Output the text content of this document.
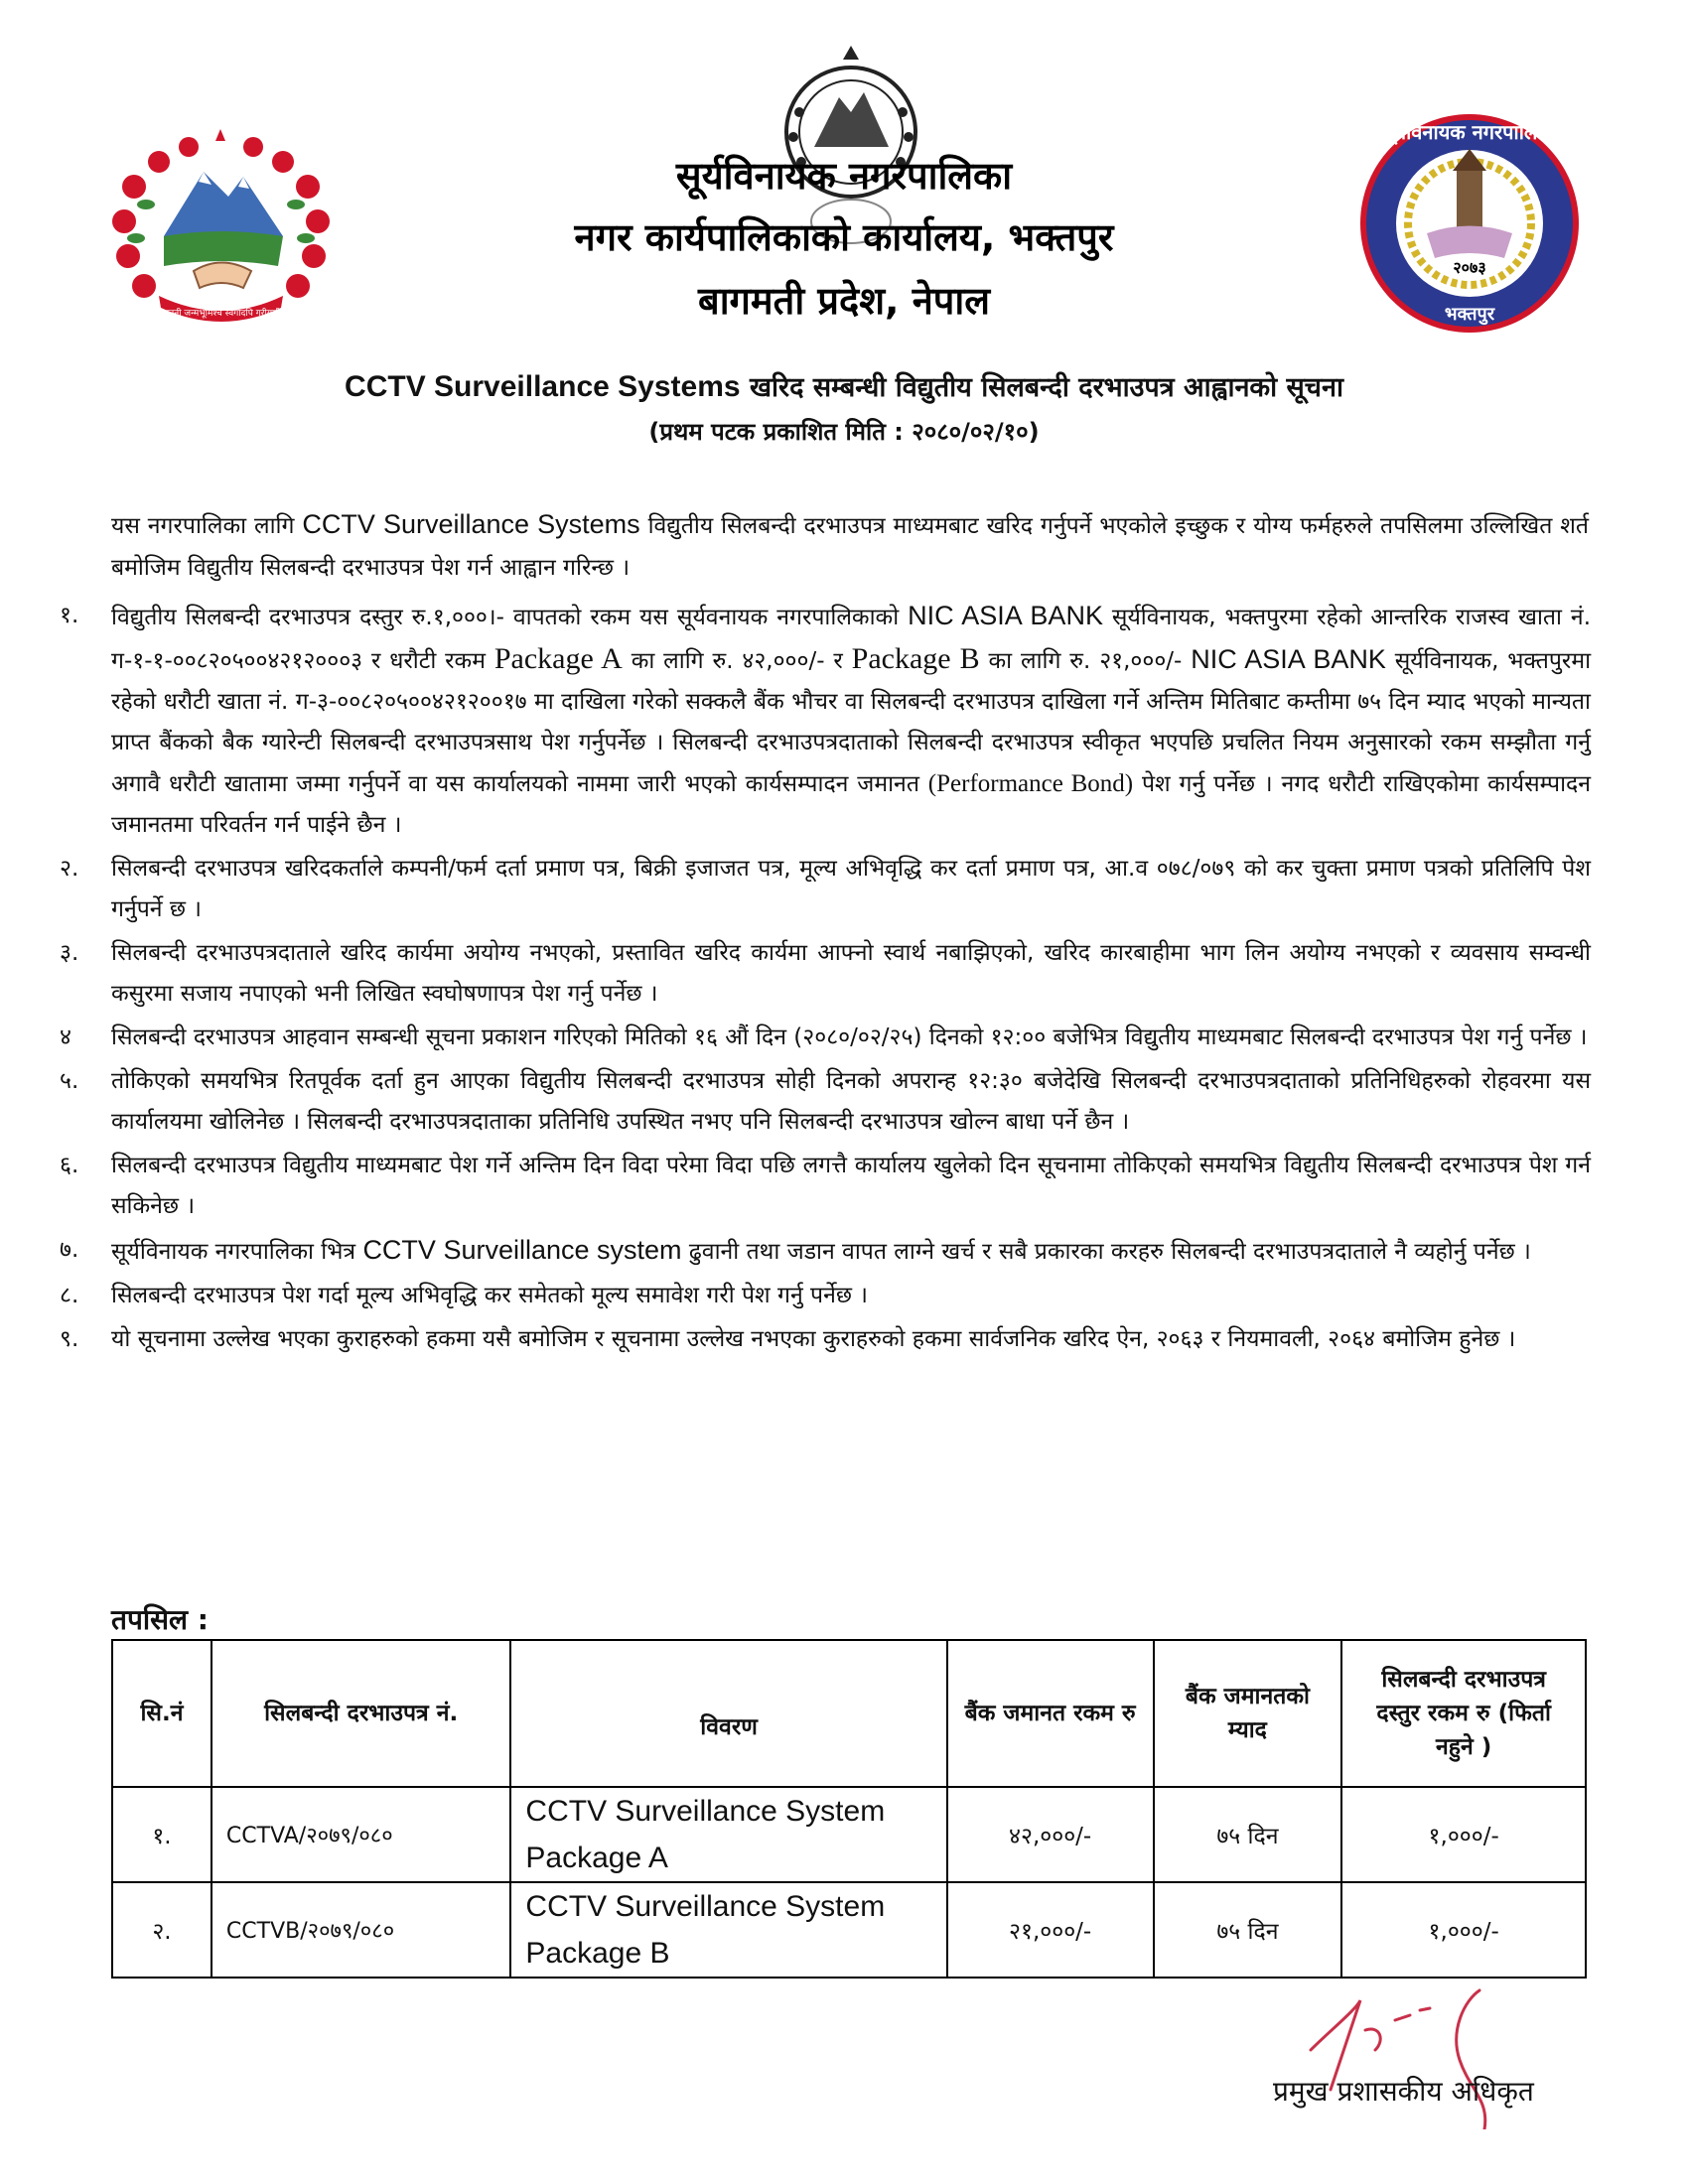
जननी जन्मभूमिश्च स्वर्गादपि गरीयसी
२०७३
सूर्यविनायक नगरपालिका
भक्तपुर
सूर्यविनायक नगरपालिका
नगर कार्यपालिकाको कार्यालय, भक्तपुर
बागमती प्रदेश, नेपाल
CCTV Surveillance Systems खरिद सम्बन्धी विद्युतीय सिलबन्दी दरभाउपत्र आह्वानको सूचना
(प्रथम पटक प्रकाशित मिति : २०८०/०२/१०)
यस नगरपालिका लागि CCTV Surveillance Systems विद्युतीय सिलबन्दी दरभाउपत्र माध्यमबाट खरिद गर्नुपर्ने भएकोले इच्छुक र योग्य फर्महरुले तपसिलमा उल्लिखित शर्त बमोजिम विद्युतीय सिलबन्दी दरभाउपत्र पेश गर्न आह्वान गरिन्छ ।
१.	विद्युतीय सिलबन्दी दरभाउपत्र दस्तुर रु.१,०००।- वापतको रकम यस सूर्यवनायक नगरपालिकाको NIC ASIA BANK सूर्यविनायक, भक्तपुरमा रहेको आन्तरिक राजस्व खाता नं. ग-१-१-००८२०५००४२१२०००३ र धरौटी रकम Package A का लागि रु. ४२,०००/- र Package B का लागि रु. २१,०००/- NIC ASIA BANK सूर्यविनायक, भक्तपुरमा रहेको धरौटी खाता नं. ग-३-००८२०५००४२१२००१७ मा दाखिला गरेको सक्कलै बैंक भौचर वा सिलबन्दी दरभाउपत्र दाखिला गर्ने अन्तिम मितिबाट कम्तीमा ७५ दिन म्याद भएको मान्यता प्राप्त बैंकको बैक ग्यारेन्टी सिलबन्दी दरभाउपत्रसाथ पेश गर्नुपर्नेछ । सिलबन्दी दरभाउपत्रदाताको सिलबन्दी दरभाउपत्र स्वीकृत भएपछि प्रचलित नियम अनुसारको रकम सम्झौता गर्नु अगावै धरौटी खातामा जम्मा गर्नुपर्ने वा यस कार्यालयको नाममा जारी भएको कार्यसम्पादन जमानत (Performance Bond) पेश गर्नु पर्नेछ । नगद धरौटी राखिएकोमा कार्यसम्पादन जमानतमा परिवर्तन गर्न पाईने छैन ।
२.	सिलबन्दी दरभाउपत्र खरिदकर्ताले कम्पनी/फर्म दर्ता प्रमाण पत्र, बिक्री इजाजत पत्र, मूल्य अभिवृद्धि कर दर्ता प्रमाण पत्र, आ.व ०७८/०७९ को कर चुक्ता प्रमाण पत्रको प्रतिलिपि पेश गर्नुपर्ने छ ।
३.	सिलबन्दी दरभाउपत्रदाताले खरिद कार्यमा अयोग्य नभएको, प्रस्तावित खरिद कार्यमा आफ्नो स्वार्थ नबाझिएको, खरिद कारबाहीमा भाग लिन अयोग्य नभएको र व्यवसाय सम्वन्धी कसुरमा सजाय नपाएको भनी लिखित स्वघोषणापत्र पेश गर्नु पर्नेछ ।
४	सिलबन्दी दरभाउपत्र आहवान सम्बन्धी सूचना प्रकाशन गरिएको मितिको १६ औं दिन (२०८०/०२/२५) दिनको १२:०० बजेभित्र विद्युतीय माध्यमबाट सिलबन्दी दरभाउपत्र पेश गर्नु पर्नेछ ।
५.	तोकिएको समयभित्र रितपूर्वक दर्ता हुन आएका विद्युतीय सिलबन्दी दरभाउपत्र सोही दिनको अपरान्ह १२:३० बजेदेखि सिलबन्दी दरभाउपत्रदाताको प्रतिनिधिहरुको रोहवरमा यस कार्यालयमा खोलिनेछ । सिलबन्दी दरभाउपत्रदाताका प्रतिनिधि उपस्थित नभए पनि सिलबन्दी दरभाउपत्र खोल्न बाधा पर्ने छैन ।
६.	सिलबन्दी दरभाउपत्र विद्युतीय माध्यमबाट पेश गर्ने अन्तिम दिन विदा परेमा विदा पछि लगत्तै कार्यालय खुलेको दिन सूचनामा तोकिएको समयभित्र विद्युतीय सिलबन्दी दरभाउपत्र पेश गर्न सकिनेछ ।
७.	सूर्यविनायक नगरपालिका भित्र CCTV Surveillance system ढुवानी तथा जडान वापत लाग्ने खर्च र सबै प्रकारका करहरु सिलबन्दी दरभाउपत्रदाताले नै व्यहोर्नु पर्नेछ ।
८.	सिलबन्दी दरभाउपत्र पेश गर्दा मूल्य अभिवृद्धि कर समेतको मूल्य समावेश गरी पेश गर्नु पर्नेछ ।
९.	यो सूचनामा उल्लेख भएका कुराहरुको हकमा यसै बमोजिम र सूचनामा उल्लेख नभएका कुराहरुको हकमा सार्वजनिक खरिद ऐन, २०६३ र नियमावली, २०६४ बमोजिम हुनेछ ।
तपसिल :
सि.नं	सिलबन्दी दरभाउपत्र नं.	विवरण	बैंक जमानत रकम रु	बैंक जमानतको म्याद	सिलबन्दी दरभाउपत्र दस्तुर रकम रु (फिर्ता नहुने )
१.	CCTVA/२०७९/०८०	CCTV Surveillance System
Package A	४२,०००/-	७५ दिन	१,०००/-
२.	CCTVB/२०७९/०८०	CCTV Surveillance System
Package B	२१,०००/-	७५ दिन	१,०००/-
प्रमुख प्रशासकीय अधिकृत
